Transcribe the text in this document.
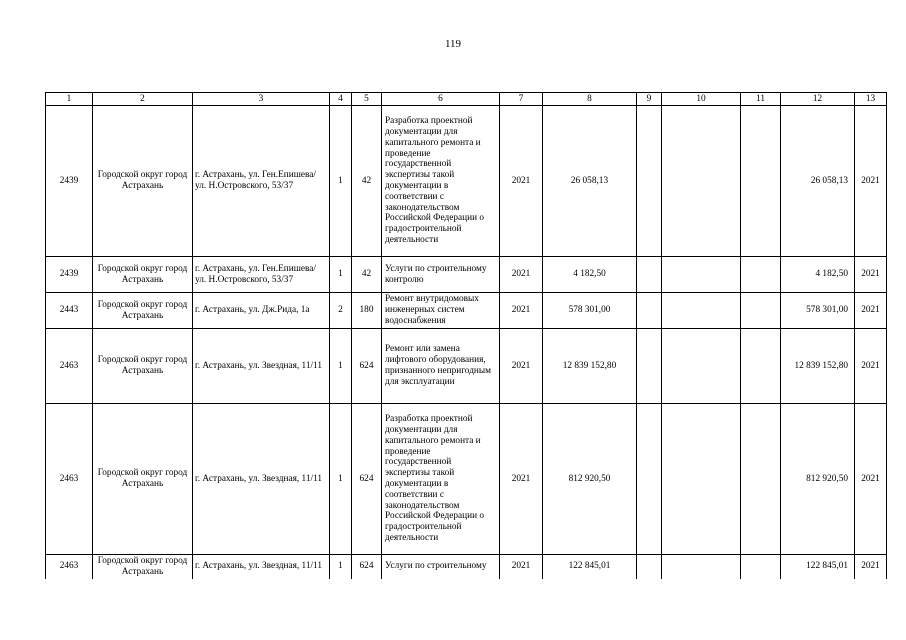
119
1	2	3	4	5	6	7	8	9	10	11	12	13
2439	Городской округ город Астрахань	г. Астрахань, ул. Ген.Епишева/ ул. Н.Островского, 53/37	1	42	Разработка проектной документации для капитального ремонта и проведение государственной экспертизы такой документации в соответствии с законодательством Российской Федерации о градостроительной деятельности	2021	26 058,13				26 058,13	2021
2439	Городской округ город Астрахань	г. Астрахань, ул. Ген.Епишева/ ул. Н.Островского, 53/37	1	42	Услуги по строительному контролю	2021	4 182,50				4 182,50	2021
2443	Городской округ город Астрахань	г. Астрахань, ул. Дж.Рида, 1а	2	180	Ремонт внутридомовых инженерных систем водоснабжения	2021	578 301,00				578 301,00	2021
2463	Городской округ город Астрахань	г. Астрахань, ул. Звездная, 11/11	1	624	Ремонт или замена лифтового оборудования, признанного непригодным для эксплуатации	2021	12 839 152,80				12 839 152,80	2021
2463	Городской округ город Астрахань	г. Астрахань, ул. Звездная, 11/11	1	624	Разработка проектной документации для капитального ремонта и проведение государственной экспертизы такой документации в соответствии с законодательством Российской Федерации о градостроительной деятельности	2021	812 920,50				812 920,50	2021
2463	Городской округ город Астрахань	г. Астрахань, ул. Звездная, 11/11	1	624	Услуги по строительному	2021	122 845,01				122 845,01	2021
